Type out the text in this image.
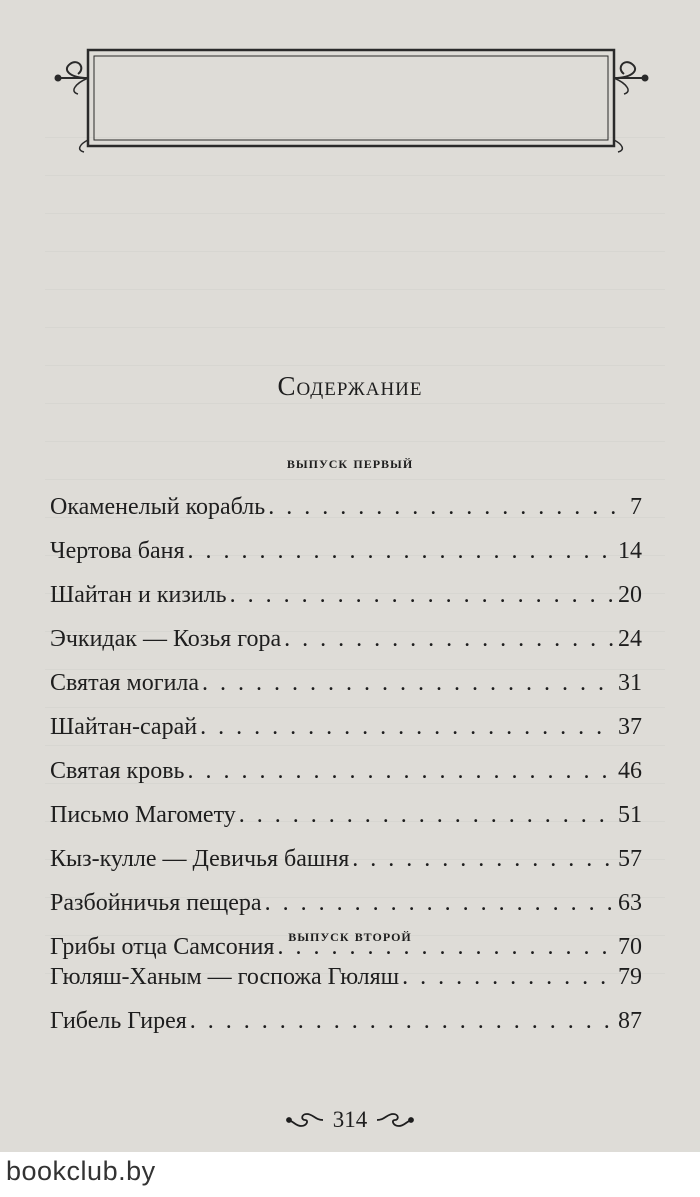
Содержание
выпуск первый
Окаменелый корабль . . .	7
Чертова баня . . .	14
Шайтан и кизиль . . .	20
Эчкидак — Козья гора . . .	24
Святая могила . . .	31
Шайтан-сарай . . .	37
Святая кровь . . .	46
Письмо Магомету . . .	51
Кыз-кулле — Девичья башня . . .	57
Разбойничья пещера . . .	63
Грибы отца Самсония . . .	70
выпуск второй
Гюляш-Ханым — госпожа Гюляш . . .	79
Гибель Гирея . . .	87
314
bookclub.by
